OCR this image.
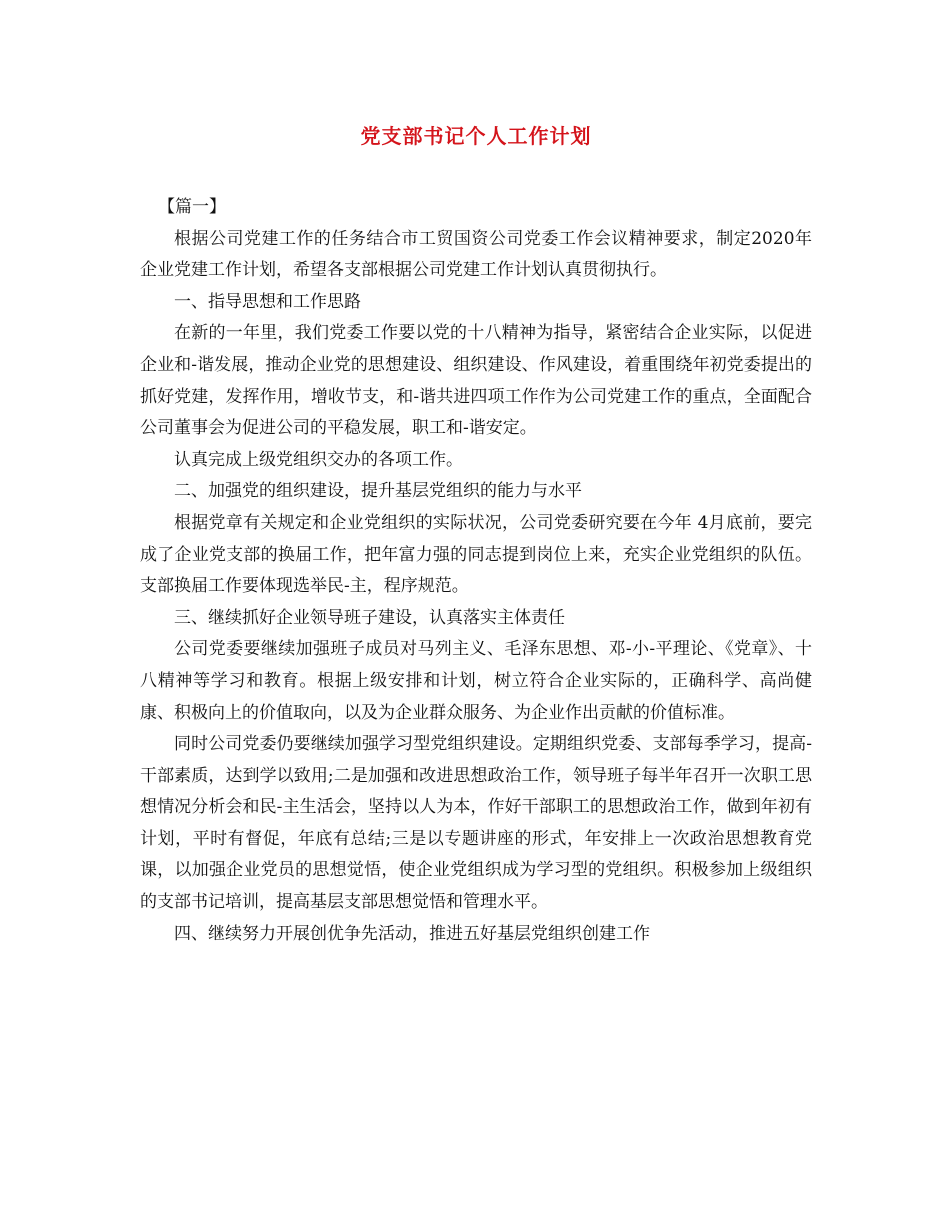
党支部书记个人工作计划

【篇一】

根据公司党建工作的任务结合市工贸国资公司党委工作会议精神要求，制定2020年企业党建工作计划，希望各支部根据公司党建工作计划认真贯彻执行。

一、指导思想和工作思路

在新的一年里，我们党委工作要以党的十八精神为指导，紧密结合企业实际，以促进企业和-谐发展，推动企业党的思想建设、组织建设、作风建设，着重围绕年初党委提出的抓好党建，发挥作用，增收节支，和-谐共进四项工作作为公司党建工作的重点，全面配合公司董事会为促进公司的平稳发展，职工和-谐安定。

认真完成上级党组织交办的各项工作。

二、加强党的组织建设，提升基层党组织的能力与水平

根据党章有关规定和企业党组织的实际状况，公司党委研究要在今年 4月底前，要完成了企业党支部的换届工作，把年富力强的同志提到岗位上来，充实企业党组织的队伍。支部换届工作要体现选举民-主，程序规范。

三、继续抓好企业领导班子建设，认真落实主体责任

公司党委要继续加强班子成员对马列主义、毛泽东思想、邓-小-平理论、《党章》、十八精神等学习和教育。根据上级安排和计划，树立符合企业实际的，正确科学、高尚健康、积极向上的价值取向，以及为企业群众服务、为企业作出贡献的价值标准。

同时公司党委仍要继续加强学习型党组织建设。定期组织党委、支部每季学习，提高-干部素质，达到学以致用;二是加强和改进思想政治工作，领导班子每半年召开一次职工思想情况分析会和民-主生活会，坚持以人为本，作好干部职工的思想政治工作，做到年初有计划，平时有督促，年底有总结;三是以专题讲座的形式，年安排上一次政治思想教育党课，以加强企业党员的思想觉悟，使企业党组织成为学习型的党组织。积极参加上级组织的支部书记培训，提高基层支部思想觉悟和管理水平。

四、继续努力开展创优争先活动，推进五好基层党组织创建工作
